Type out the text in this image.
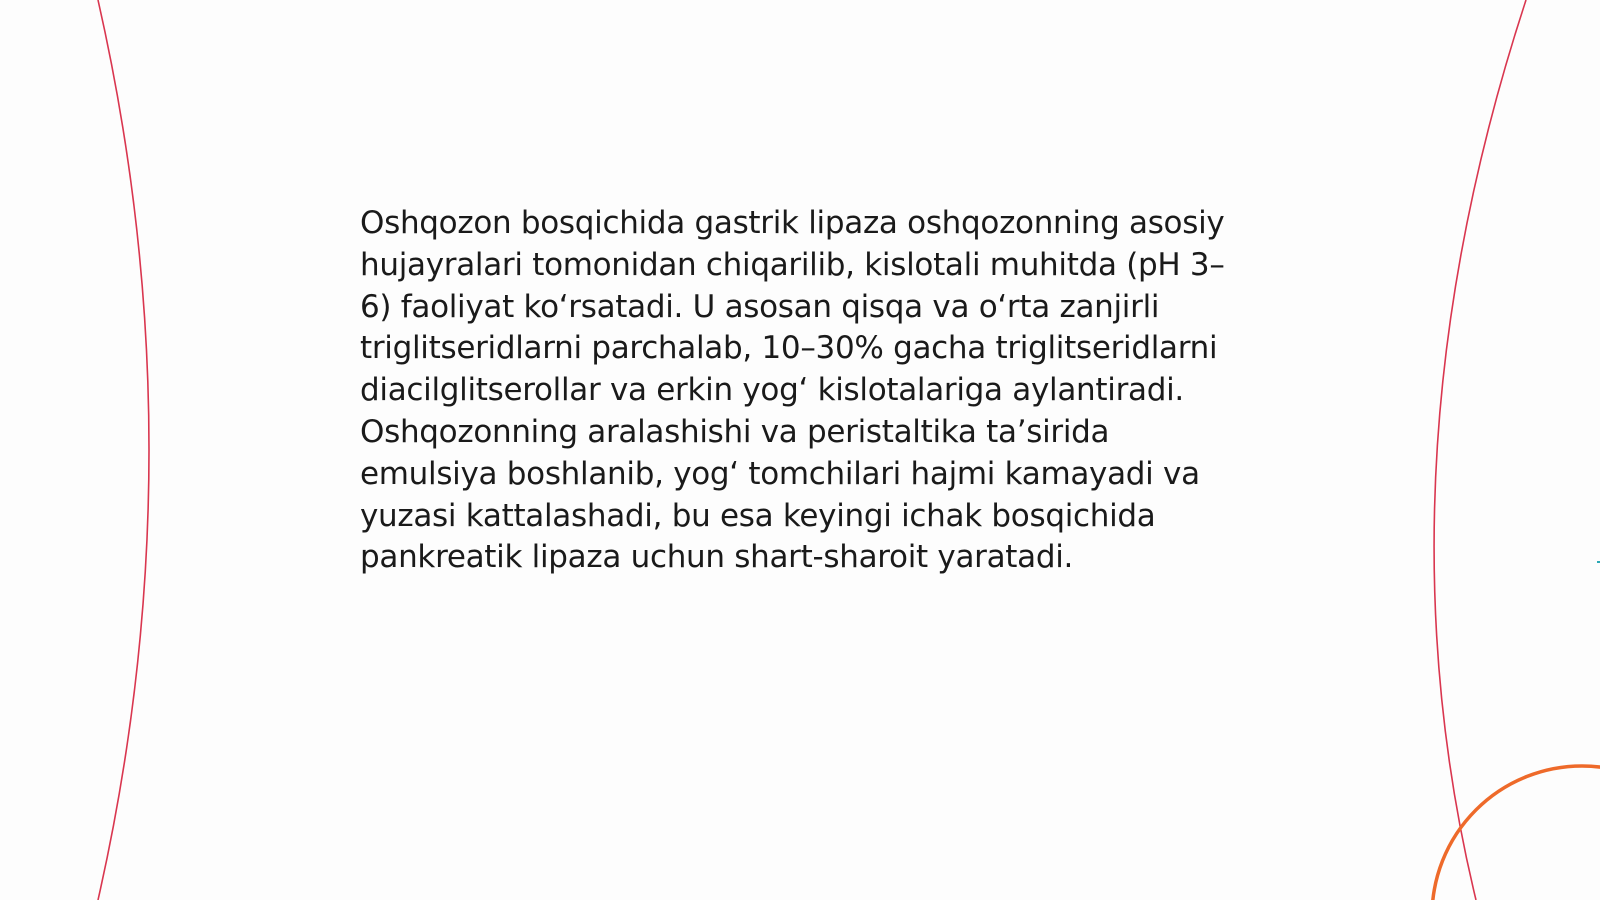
Oshqozon bosqichida gastrik lipaza oshqozonning asosiy hujayralari tomonidan chiqarilib, kislotali muhitda (pH 3–6) faoliyat koʻrsatadi. U asosan qisqa va oʻrta zanjirli triglitseridlarni parchalab, 10–30% gacha triglitseridlarni diacilglitserollar va erkin yogʻ kislotalariga aylantiradi. Oshqozonning aralashishi va peristaltika taʼsirida emulsiya boshlanib, yogʻ tomchilari hajmi kamayadi va yuzasi kattalashadi, bu esa keyingi ichak bosqichida pankreatik lipaza uchun shart-sharoit yaratadi.
